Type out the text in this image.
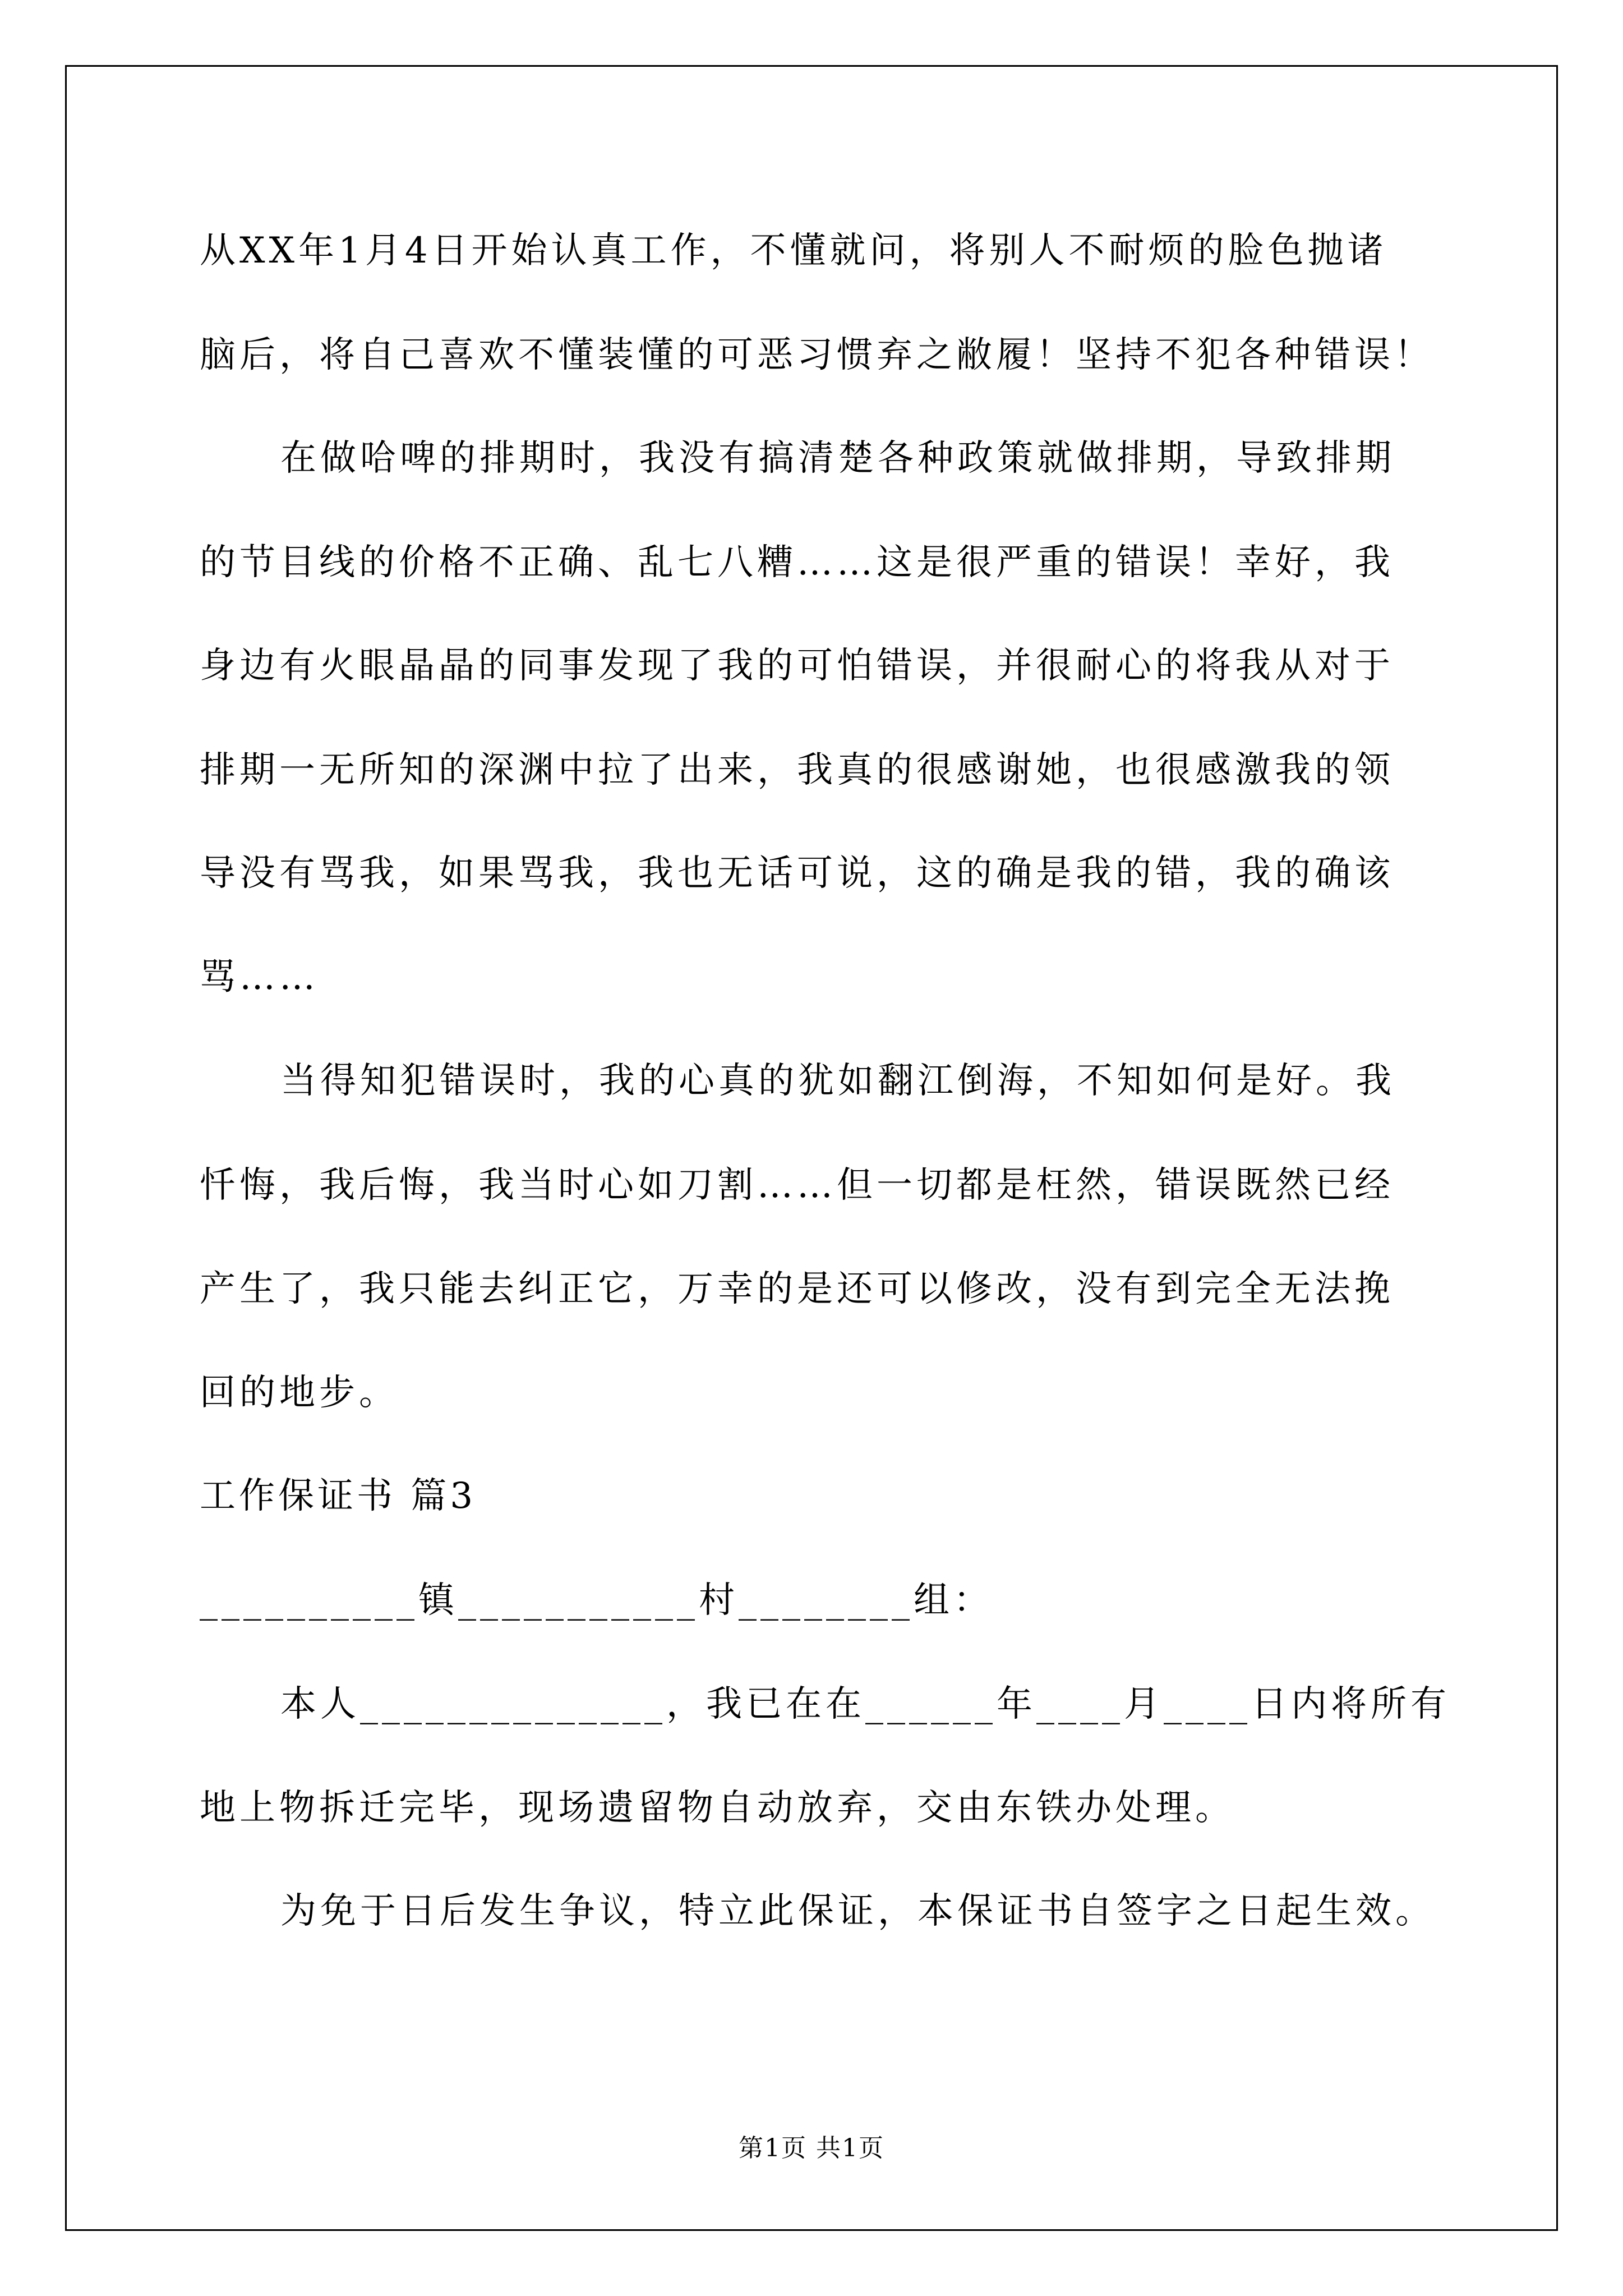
从XX年1月4日开始认真工作，不懂就问，将别人不耐烦的脸色抛诸
脑后，将自己喜欢不懂装懂的可恶习惯弃之敝履！坚持不犯各种错误！
在做哈啤的排期时，我没有搞清楚各种政策就做排期，导致排期
的节目线的价格不正确、乱七八糟……这是很严重的错误！幸好，我
身边有火眼晶晶的同事发现了我的可怕错误，并很耐心的将我从对于
排期一无所知的深渊中拉了出来，我真的很感谢她，也很感激我的领
导没有骂我，如果骂我，我也无话可说，这的确是我的错，我的确该
骂……
当得知犯错误时，我的心真的犹如翻江倒海，不知如何是好。我
忏悔，我后悔，我当时心如刀割……但一切都是枉然，错误既然已经
产生了，我只能去纠正它，万幸的是还可以修改，没有到完全无法挽
回的地步。
工作保证书 篇3
__________镇___________村________组：
本人______________，我已在在______年____月____日内将所有
地上物拆迁完毕，现场遗留物自动放弃，交由东铁办处理。
为免于日后发生争议，特立此保证，本保证书自签字之日起生效。
第1页 共1页
